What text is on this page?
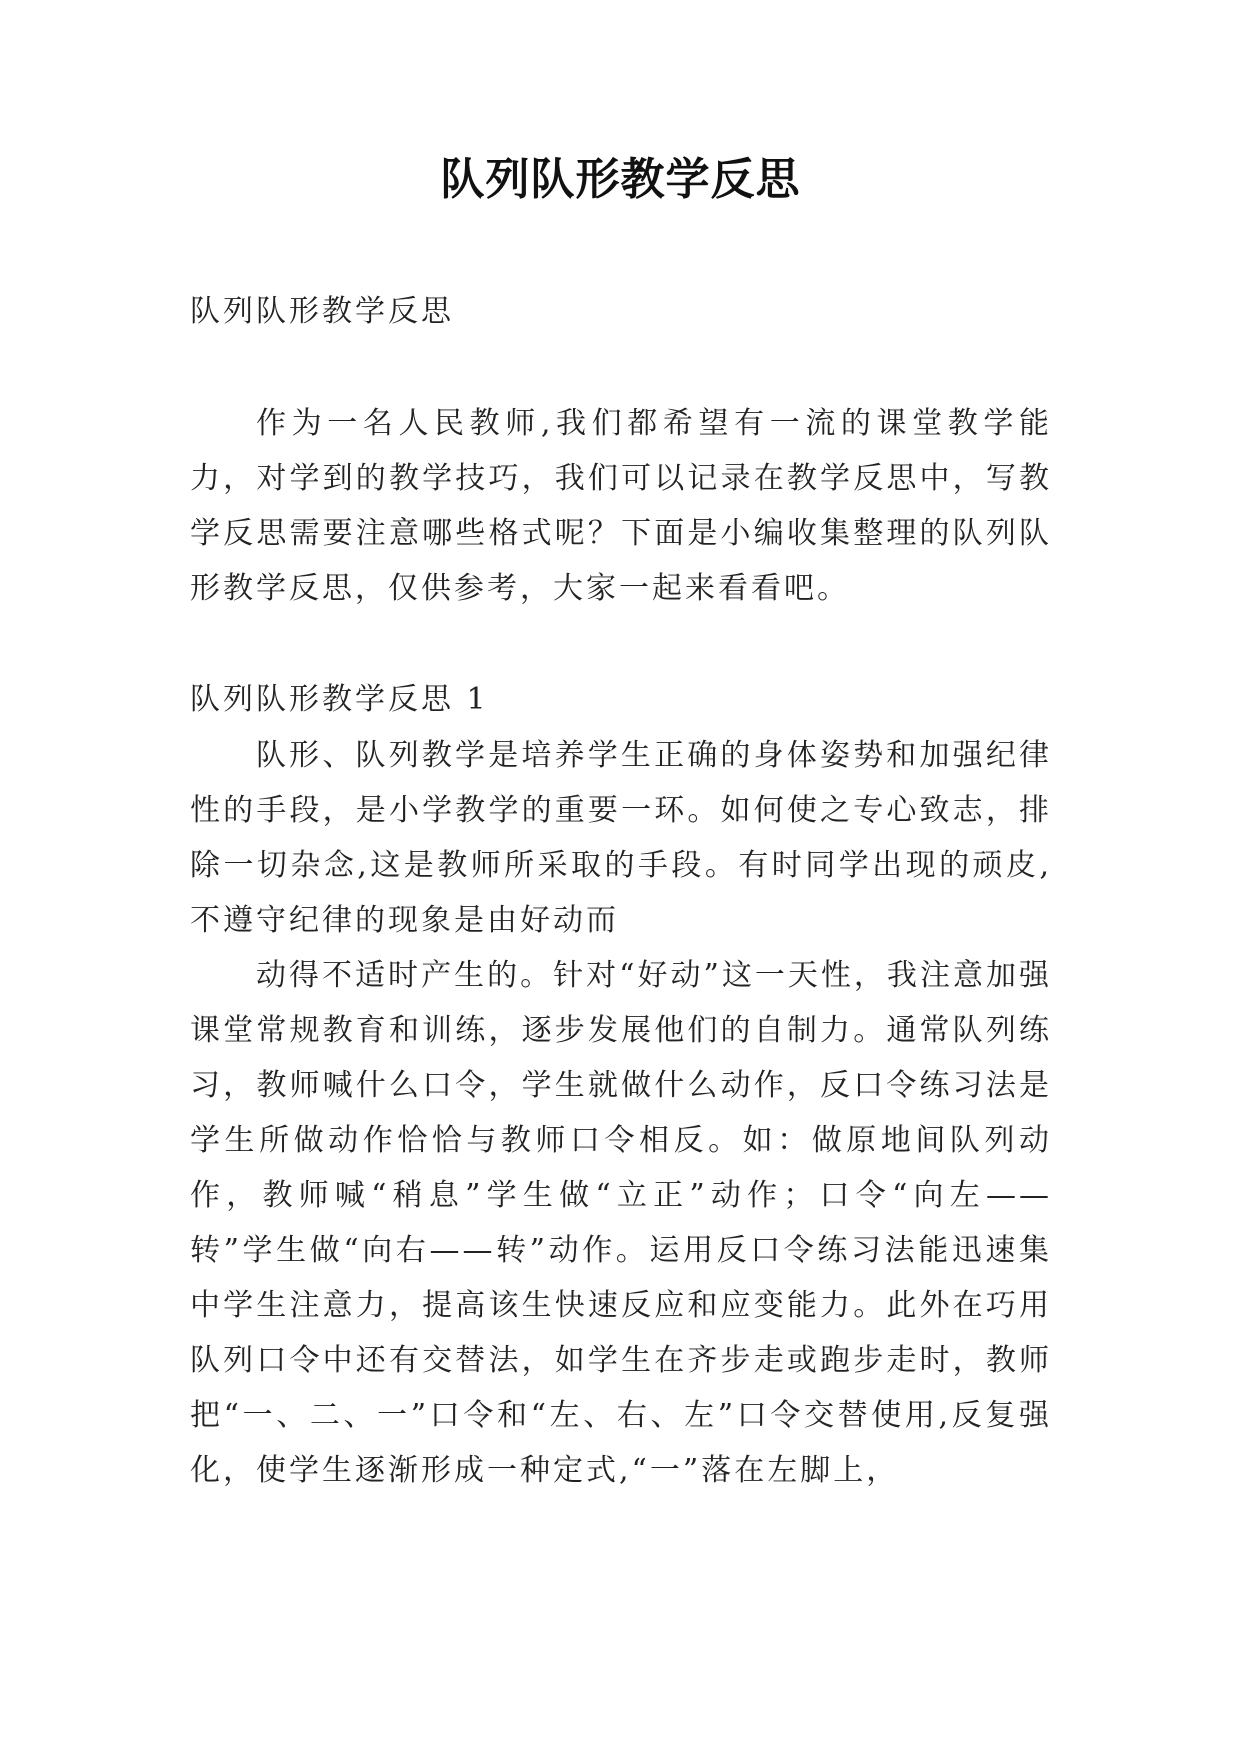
队列队形教学反思

队列队形教学反思

作为一名人民教师,我们都希望有一流的课堂教学能力，对学到的教学技巧，我们可以记录在教学反思中，写教学反思需要注意哪些格式呢？下面是小编收集整理的队列队形教学反思，仅供参考，大家一起来看看吧。

队列队形教学反思 1

队形、队列教学是培养学生正确的身体姿势和加强纪律性的手段，是小学教学的重要一环。如何使之专心致志，排除一切杂念,这是教师所采取的手段。有时同学出现的顽皮,不遵守纪律的现象是由好动而

动得不适时产生的。针对“好动”这一天性，我注意加强课堂常规教育和训练，逐步发展他们的自制力。通常队列练习，教师喊什么口令，学生就做什么动作，反口令练习法是学生所做动作恰恰与教师口令相反。如：做原地间队列动作，教师喊“稍息”学生做“立正”动作；口令“向左——转”学生做“向右——转”动作。运用反口令练习法能迅速集中学生注意力，提高该生快速反应和应变能力。此外在巧用队列口令中还有交替法，如学生在齐步走或跑步走时，教师把“一、二、一”口令和“左、右、左”口令交替使用,反复强化，使学生逐渐形成一种定式,“一”落在左脚上，
